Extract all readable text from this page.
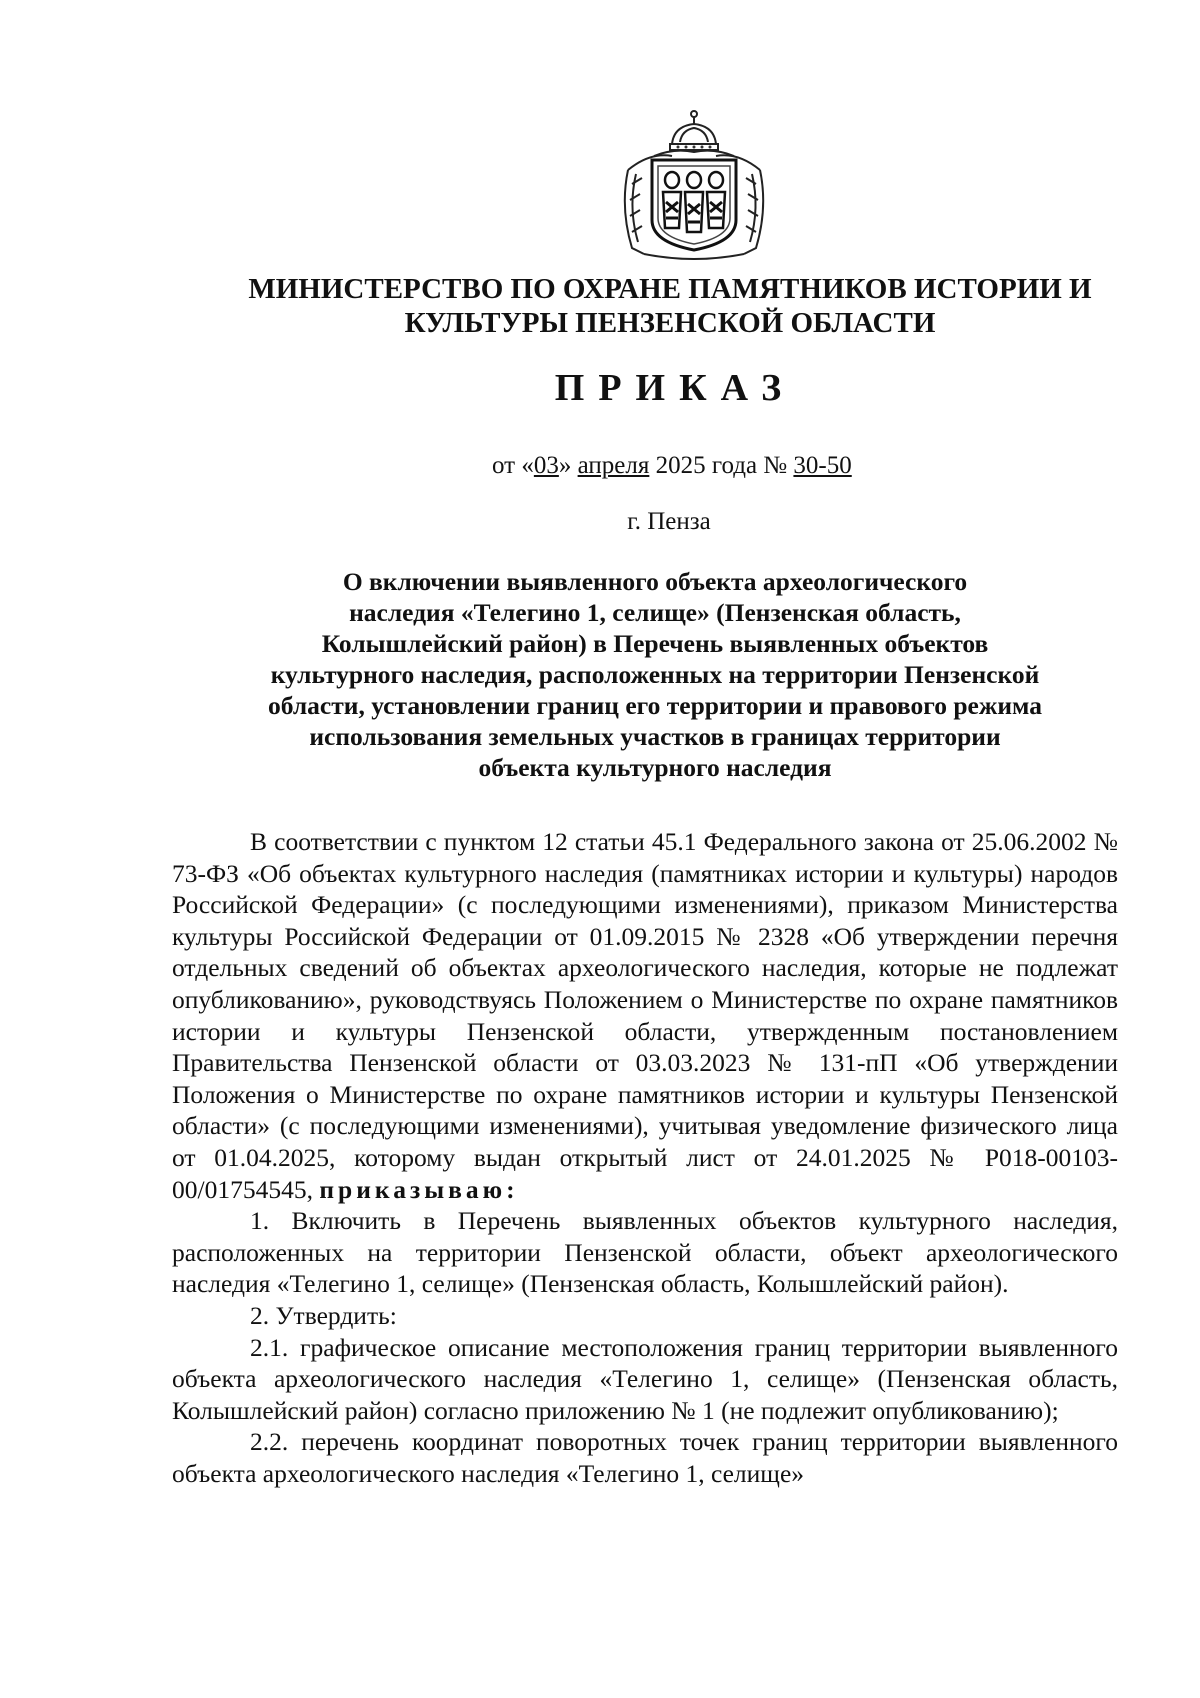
МИНИСТЕРСТВО ПО ОХРАНЕ ПАМЯТНИКОВ ИСТОРИИ И
КУЛЬТУРЫ ПЕНЗЕНСКОЙ ОБЛАСТИ
ПРИКАЗ
от «03» апреля 2025 года № 30-50
г. Пенза
О включении выявленного объекта археологического
наследия «Телегино 1, селище» (Пензенская область,
Колышлейский район) в Перечень выявленных объектов
культурного наследия, расположенных на территории Пензенской
области, установлении границ его территории и правового режима
использования земельных участков в границах территории
объекта культурного наследия

В соответствии с пунктом 12 статьи 45.1 Федерального закона от 25.06.2002 № 73-ФЗ «Об объектах культурного наследия (памятниках истории и культуры) народов Российской Федерации» (с последующими изменениями), приказом Министерства культуры Российской Федерации от 01.09.2015 № 2328 «Об утверждении перечня отдельных сведений об объектах археологического наследия, которые не подлежат опубликованию», руководствуясь Положением о Министерстве по охране памятников истории и культуры Пензенской области, утвержденным постановлением Правительства Пензенской области от 03.03.2023 № 131-пП «Об утверждении Положения о Министерстве по охране памятников истории и культуры Пензенской области» (с последующими изменениями), учитывая уведомление физического лица от 01.04.2025, которому выдан открытый лист от 24.01.2025 № Р018-00103-00/01754545, приказываю:

1. Включить в Перечень выявленных объектов культурного наследия, расположенных на территории Пензенской области, объект археологического наследия «Телегино 1, селище» (Пензенская область, Колышлейский район).

2. Утвердить:

2.1. графическое описание местоположения границ территории выявленного объекта археологического наследия «Телегино 1, селище» (Пензенская область, Колышлейский район) согласно приложению № 1 (не подлежит опубликованию);

2.2. перечень координат поворотных точек границ территории выявленного объекта археологического наследия «Телегино 1, селище»
